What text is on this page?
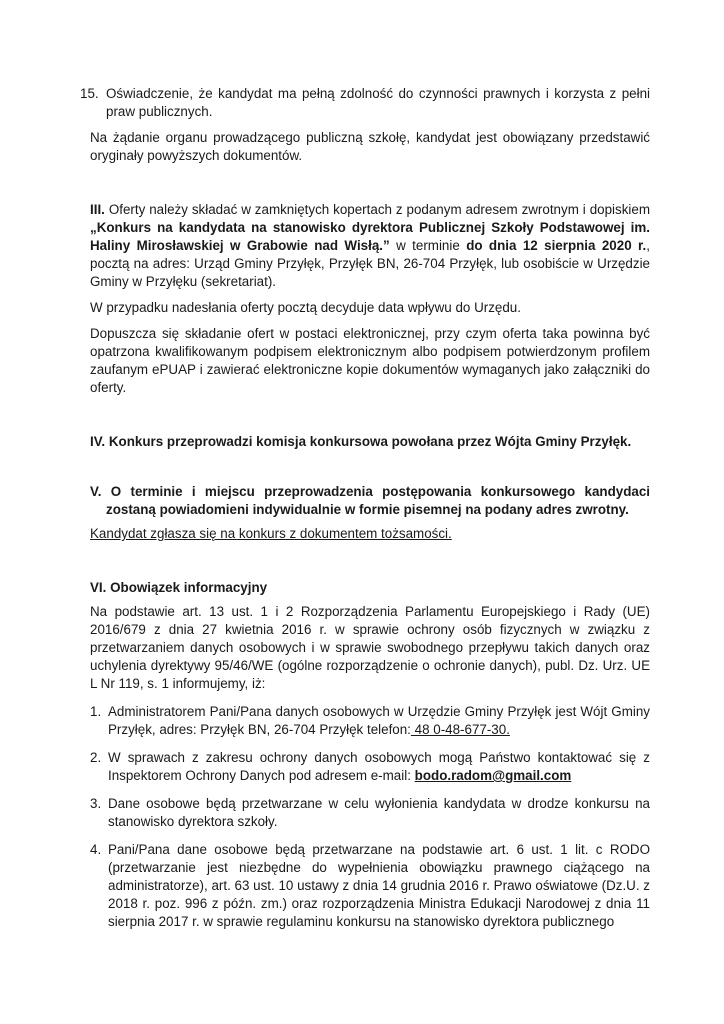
15. Oświadczenie, że kandydat ma pełną zdolność do czynności prawnych i korzysta z pełni praw publicznych.

Na żądanie organu prowadzącego publiczną szkołę, kandydat jest obowiązany przedstawić oryginały powyższych dokumentów.

III. Oferty należy składać w zamkniętych kopertach z podanym adresem zwrotnym i dopiskiem „Konkurs na kandydata na stanowisko dyrektora Publicznej Szkoły Podstawowej im. Haliny Mirosławskiej w Grabowie nad Wisłą.” w terminie do dnia 12 sierpnia 2020 r., pocztą na adres: Urząd Gminy Przyłęk, Przyłęk BN, 26-704 Przyłęk, lub osobiście w Urzędzie Gminy w Przyłęku (sekretariat).

W przypadku nadesłania oferty pocztą decyduje data wpływu do Urzędu.

Dopuszcza się składanie ofert w postaci elektronicznej, przy czym oferta taka powinna być opatrzona kwalifikowanym podpisem elektronicznym albo podpisem potwierdzonym profilem zaufanym ePUAP i zawierać elektroniczne kopie dokumentów wymaganych jako załączniki do oferty.

IV. Konkurs przeprowadzi komisja konkursowa powołana przez Wójta Gminy Przyłęk.

V. O terminie i miejscu przeprowadzenia postępowania konkursowego kandydaci zostaną powiadomieni indywidualnie w formie pisemnej na podany adres zwrotny.

Kandydat zgłasza się na konkurs z dokumentem tożsamości.

VI. Obowiązek informacyjny

Na podstawie art. 13 ust. 1 i 2 Rozporządzenia Parlamentu Europejskiego i Rady (UE) 2016/679 z dnia 27 kwietnia 2016 r. w sprawie ochrony osób fizycznych w związku z przetwarzaniem danych osobowych i w sprawie swobodnego przepływu takich danych oraz uchylenia dyrektywy 95/46/WE (ogólne rozporządzenie o ochronie danych), publ. Dz. Urz. UE L Nr 119, s. 1 informujemy, iż:

1. Administratorem Pani/Pana danych osobowych w Urzędzie Gminy Przyłęk jest Wójt Gminy Przyłęk, adres: Przyłęk BN, 26-704 Przyłęk telefon: 48 0-48-677-30.
2. W sprawach z zakresu ochrony danych osobowych mogą Państwo kontaktować się z Inspektorem Ochrony Danych pod adresem e-mail: bodo.radom@gmail.com
3. Dane osobowe będą przetwarzane w celu wyłonienia kandydata w drodze konkursu na stanowisko dyrektora szkoły.
4. Pani/Pana dane osobowe będą przetwarzane na podstawie art. 6 ust. 1 lit. c RODO (przetwarzanie jest niezbędne do wypełnienia obowiązku prawnego ciążącego na administratorze), art. 63 ust. 10 ustawy z dnia 14 grudnia 2016 r. Prawo oświatowe (Dz.U. z 2018 r. poz. 996 z późn. zm.) oraz rozporządzenia Ministra Edukacji Narodowej z dnia 11 sierpnia 2017 r. w sprawie regulaminu konkursu na stanowisko dyrektora publicznego
